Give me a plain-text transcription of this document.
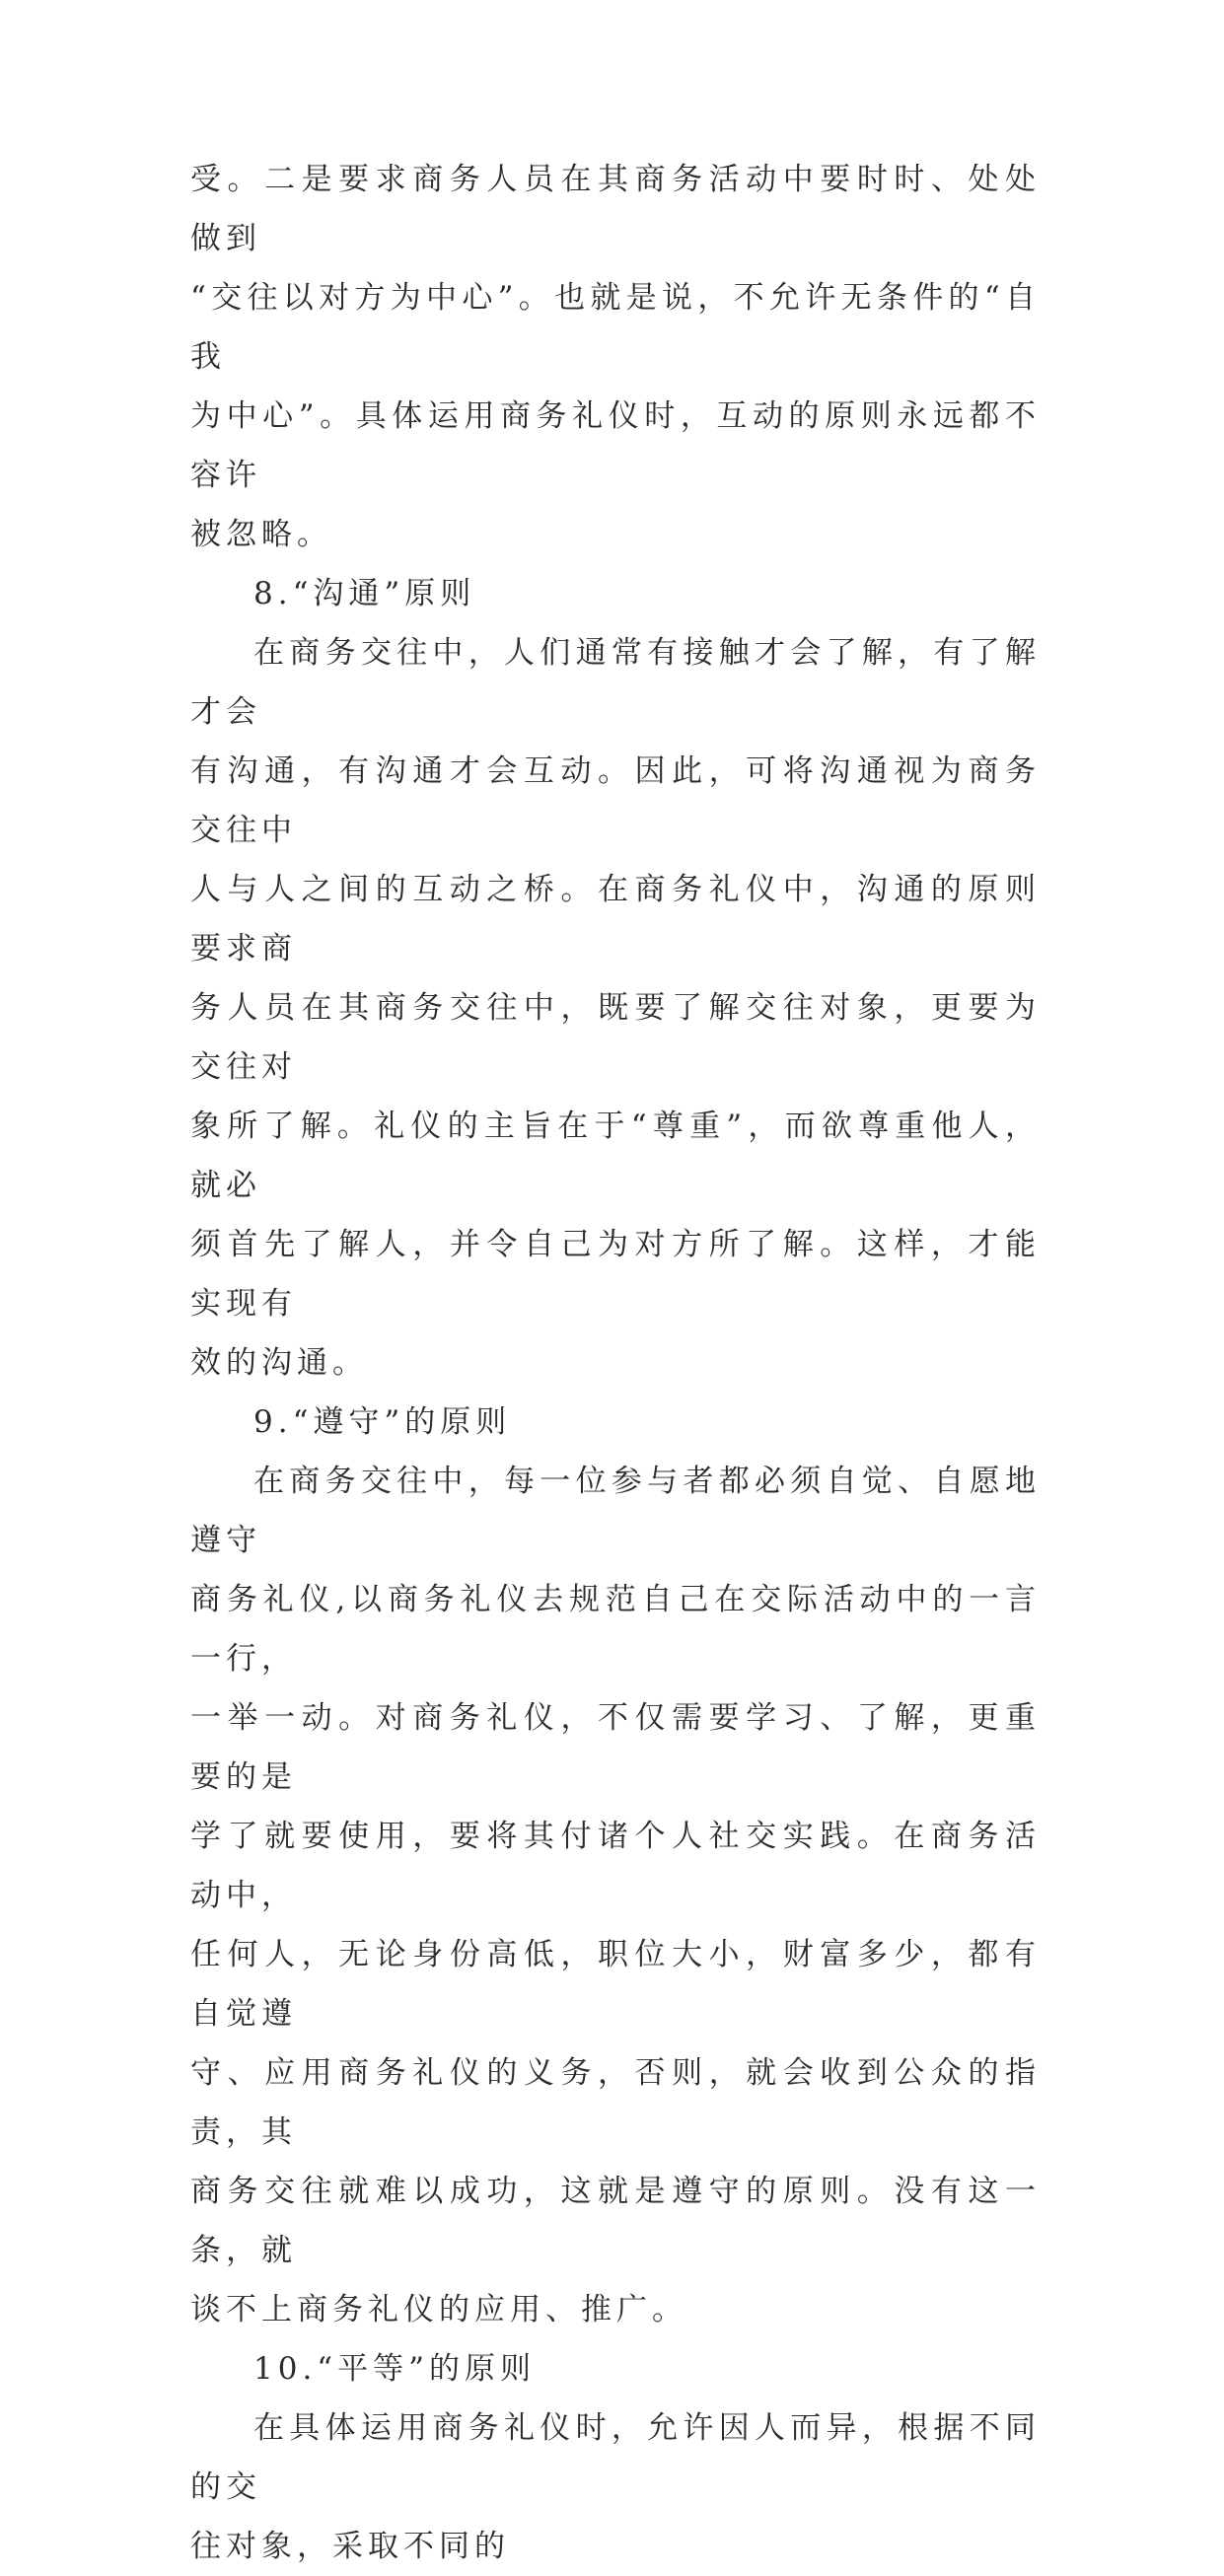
受。二是要求商务人员在其商务活动中要时时、处处做到

“交往以对方为中心”。也就是说，不允许无条件的“自我

为中心”。具体运用商务礼仪时，互动的原则永远都不容许

被忽略。

8.“沟通”原则

在商务交往中，人们通常有接触才会了解，有了解才会

有沟通，有沟通才会互动。因此，可将沟通视为商务交往中

人与人之间的互动之桥。在商务礼仪中，沟通的原则要求商

务人员在其商务交往中，既要了解交往对象，更要为交往对

象所了解。礼仪的主旨在于“尊重”，而欲尊重他人，就必

须首先了解人，并令自己为对方所了解。这样，才能实现有

效的沟通。

9.“遵守”的原则

在商务交往中，每一位参与者都必须自觉、自愿地遵守

商务礼仪,以商务礼仪去规范自己在交际活动中的一言一行，

一举一动。对商务礼仪，不仅需要学习、了解，更重要的是

学了就要使用，要将其付诸个人社交实践。在商务活动中，

任何人，无论身份高低，职位大小，财富多少，都有自觉遵

守、应用商务礼仪的义务，否则，就会收到公众的指责，其

商务交往就难以成功，这就是遵守的原则。没有这一条，就

谈不上商务礼仪的应用、推广。

10.“平等”的原则

在具体运用商务礼仪时，允许因人而异，根据不同的交

往对象，采取不同的
